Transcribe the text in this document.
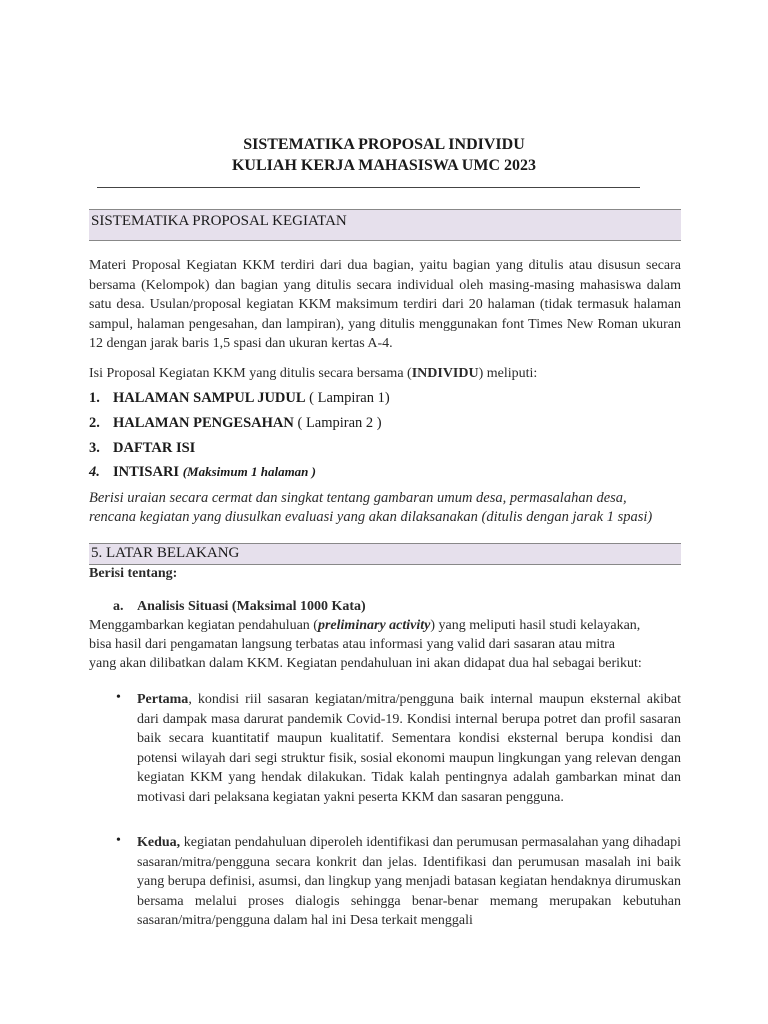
SISTEMATIKA PROPOSAL INDIVIDU
KULIAH KERJA MAHASISWA UMC 2023
SISTEMATIKA PROPOSAL KEGIATAN
Materi Proposal Kegiatan KKM terdiri dari dua bagian, yaitu bagian yang ditulis atau disusun secara bersama (Kelompok) dan bagian yang ditulis secara individual oleh masing-masing mahasiswa dalam satu desa. Usulan/proposal kegiatan KKM maksimum terdiri dari 20 halaman (tidak termasuk halaman sampul, halaman pengesahan, dan lampiran), yang ditulis menggunakan font Times New Roman ukuran 12 dengan jarak baris 1,5 spasi dan ukuran kertas A-4.
Isi Proposal Kegiatan KKM yang ditulis secara bersama (INDIVIDU) meliputi:
1. HALAMAN SAMPUL JUDUL ( Lampiran 1)
2. HALAMAN PENGESAHAN ( Lampiran 2 )
3. DAFTAR ISI
4. INTISARI (Maksimum 1 halaman )
Berisi uraian secara cermat dan singkat tentang gambaran umum desa, permasalahan desa,
rencana kegiatan yang diusulkan evaluasi yang akan dilaksanakan (ditulis dengan jarak 1 spasi)
5. LATAR BELAKANG
Berisi tentang:
a. Analisis Situasi (Maksimal 1000 Kata)
Menggambarkan kegiatan pendahuluan (preliminary activity) yang meliputi hasil studi kelayakan,
bisa hasil dari pengamatan langsung terbatas atau informasi yang valid dari sasaran atau mitra
yang akan dilibatkan dalam KKM. Kegiatan pendahuluan ini akan didapat dua hal sebagai berikut:
• Pertama, kondisi riil sasaran kegiatan/mitra/pengguna baik internal maupun eksternal akibat dari dampak masa darurat pandemik Covid-19. Kondisi internal berupa potret dan profil sasaran baik secara kuantitatif maupun kualitatif. Sementara kondisi eksternal berupa kondisi dan potensi wilayah dari segi struktur fisik, sosial ekonomi maupun lingkungan yang relevan dengan kegiatan KKM yang hendak dilakukan. Tidak kalah pentingnya adalah gambarkan minat dan motivasi dari pelaksana kegiatan yakni peserta KKM dan sasaran pengguna.
• Kedua, kegiatan pendahuluan diperoleh identifikasi dan perumusan permasalahan yang dihadapi sasaran/mitra/pengguna secara konkrit dan jelas. Identifikasi dan perumusan masalah ini baik yang berupa definisi, asumsi, dan lingkup yang menjadi batasan kegiatan hendaknya dirumuskan bersama melalui proses dialogis sehingga benar-benar memang merupakan kebutuhan sasaran/mitra/pengguna dalam hal ini Desa terkait menggali
